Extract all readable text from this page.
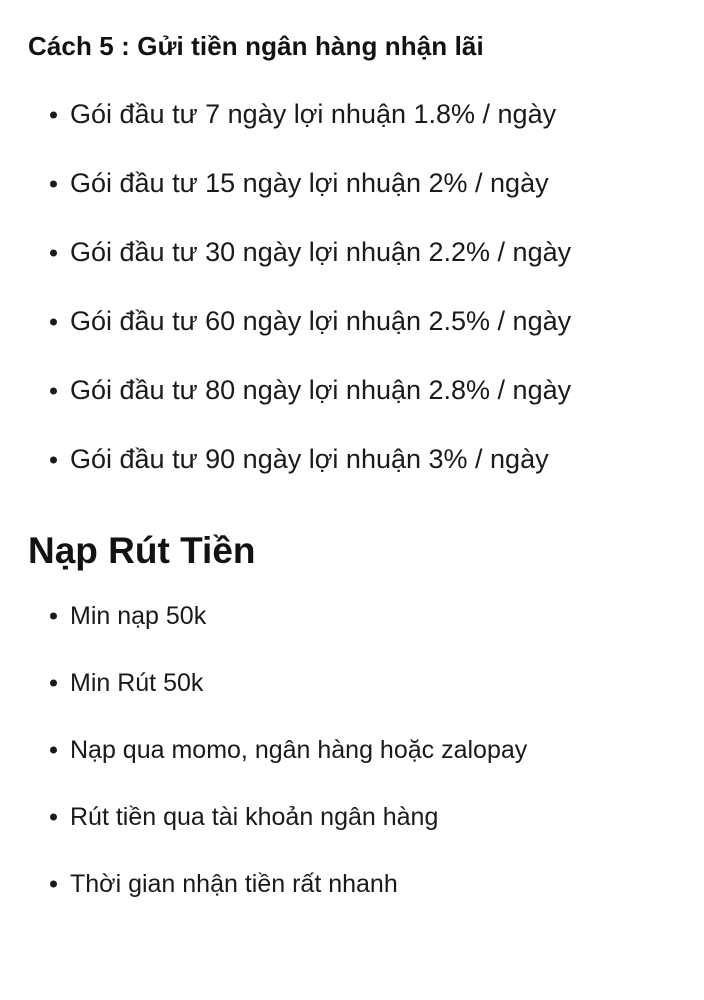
Cách 5 : Gửi tiền ngân hàng nhận lãi
Gói đầu tư 7 ngày lợi nhuận 1.8% / ngày
Gói đầu tư 15 ngày lợi nhuận 2% / ngày
Gói đầu tư 30 ngày lợi nhuận 2.2% / ngày
Gói đầu tư 60 ngày lợi nhuận 2.5% / ngày
Gói đầu tư 80 ngày lợi nhuận 2.8% / ngày
Gói đầu tư 90 ngày lợi nhuận 3% / ngày
Nạp Rút Tiền
Min nạp 50k
Min Rút 50k
Nạp qua momo, ngân hàng hoặc zalopay
Rút tiền qua tài khoản ngân hàng
Thời gian nhận tiền rất nhanh
